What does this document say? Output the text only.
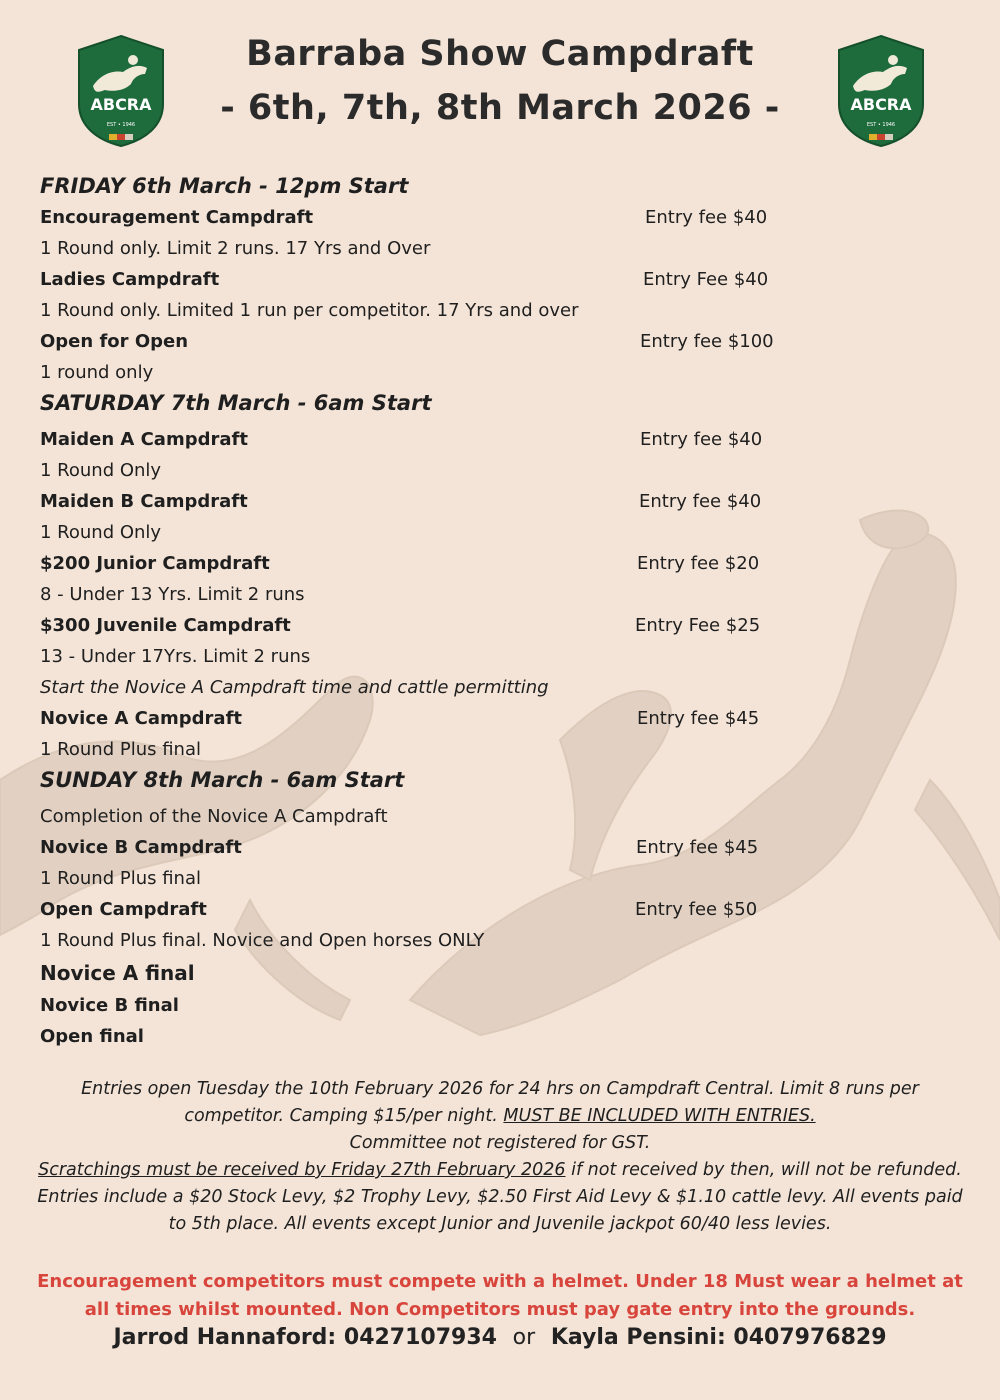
ABCRA
EST • 1946
ABCRA
EST • 1946
Barraba Show Campdraft
- 6th, 7th, 8th March 2026 -
FRIDAY 6th March - 12pm Start
Encouragement Campdraft	Entry fee $40
1 Round only. Limit 2 runs. 17 Yrs and Over
Ladies Campdraft	Entry Fee $40
1 Round only. Limited 1 run per competitor. 17 Yrs and over
Open for Open	Entry fee $100
1 round only
SATURDAY 7th March - 6am Start
Maiden A Campdraft	Entry fee $40
1 Round Only
Maiden B Campdraft	Entry fee $40
1 Round Only
$200 Junior Campdraft	Entry fee $20
8 - Under 13 Yrs. Limit 2 runs
$300 Juvenile Campdraft	Entry Fee $25
13 - Under 17Yrs. Limit 2 runs
Start the Novice A Campdraft time and cattle permitting
Novice A Campdraft	Entry fee $45
1 Round Plus final
SUNDAY 8th March - 6am Start
Completion of the Novice A Campdraft
Novice B Campdraft	Entry fee $45
1 Round Plus final
Open Campdraft	Entry fee $50
1 Round Plus final. Novice and Open horses ONLY
Novice A final
Novice B final
Open final
Entries open Tuesday the 10th February 2026 for 24 hrs on Campdraft Central. Limit 8 runs per competitor. Camping $15/per night. MUST BE INCLUDED WITH ENTRIES.
Committee not registered for GST.
Scratchings must be received by Friday 27th February 2026 if not received by then, will not be refunded. Entries include a $20 Stock Levy, $2 Trophy Levy, $2.50 First Aid Levy & $1.10 cattle levy. All events paid to 5th place. All events except Junior and Juvenile jackpot 60/40 less levies.
Encouragement competitors must compete with a helmet. Under 18 Must wear a helmet at all times whilst mounted. Non Competitors must pay gate entry into the grounds.
Jarrod Hannaford: 0427107934 or Kayla Pensini: 0407976829
